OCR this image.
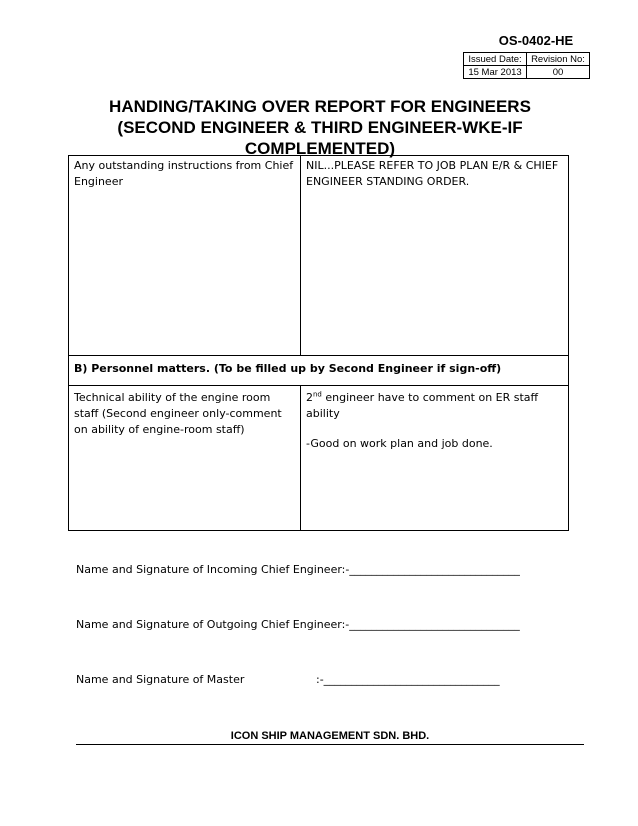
OS-0402-HE
Issued Date:	Revision No:
15 Mar 2013	00
HANDING/TAKING OVER REPORT FOR ENGINEERS
(SECOND ENGINEER & THIRD ENGINEER-WKE-IF
COMPLEMENTED)
Any outstanding instructions from Chief Engineer	NIL...PLEASE REFER TO JOB PLAN E/R & CHIEF ENGINEER STANDING ORDER.
B) Personnel matters. (To be filled up by Second Engineer if sign-off)	
Technical ability of the engine room staff (Second engineer only-comment on ability of engine-room staff)	2nd engineer have to comment on ER staff ability
-Good on work plan and job done.
Name and Signature of Incoming Chief Engineer:-_______________________________
Name and Signature of Outgoing Chief Engineer:-_______________________________
Name and Signature of Master	:-________________________________
ICON SHIP MANAGEMENT SDN. BHD.
